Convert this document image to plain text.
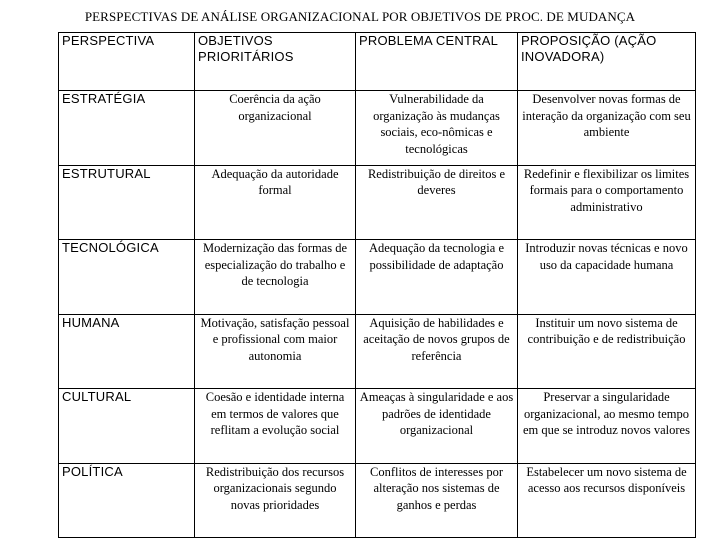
PERSPECTIVAS DE ANÁLISE ORGANIZACIONAL POR OBJETIVOS DE PROC. DE MUDANÇA
PERSPECTIVA	OBJETIVOS PRIORITÁRIOS	PROBLEMA CENTRAL	PROPOSIÇÃO (AÇÃO INOVADORA)
ESTRATÉGIA	Coerência da ação organizacional	Vulnerabilidade da organização às mudanças sociais, eco-nômicas e tecnológicas	Desenvolver novas formas de interação da organização com seu ambiente
ESTRUTURAL	Adequação da autoridade formal	Redistribuição de direitos e deveres	Redefinir e flexibilizar os limites formais para o comportamento administrativo
TECNOLÓGICA	Modernização das formas de especialização do trabalho e de tecnologia	Adequação da tecnologia e possibilidade de adaptação	Introduzir novas técnicas e novo uso da capacidade humana
HUMANA	Motivação, satisfação pessoal e profissional com maior autonomia	Aquisição de habilidades e aceitação de novos grupos de referência	Instituir um novo sistema de contribuição e de redistribuição
CULTURAL	Coesão e identidade interna em termos de valores que reflitam a evolução social	Ameaças à singularidade e aos padrões de identidade organizacional	Preservar a singularidade organizacional, ao mesmo tempo em que se introduz novos valores
POLÍTICA	Redistribuição dos recursos organizacionais segundo novas prioridades	Conflitos de interesses por alteração nos sistemas de ganhos e perdas	Estabelecer um novo sistema de acesso aos recursos disponíveis
